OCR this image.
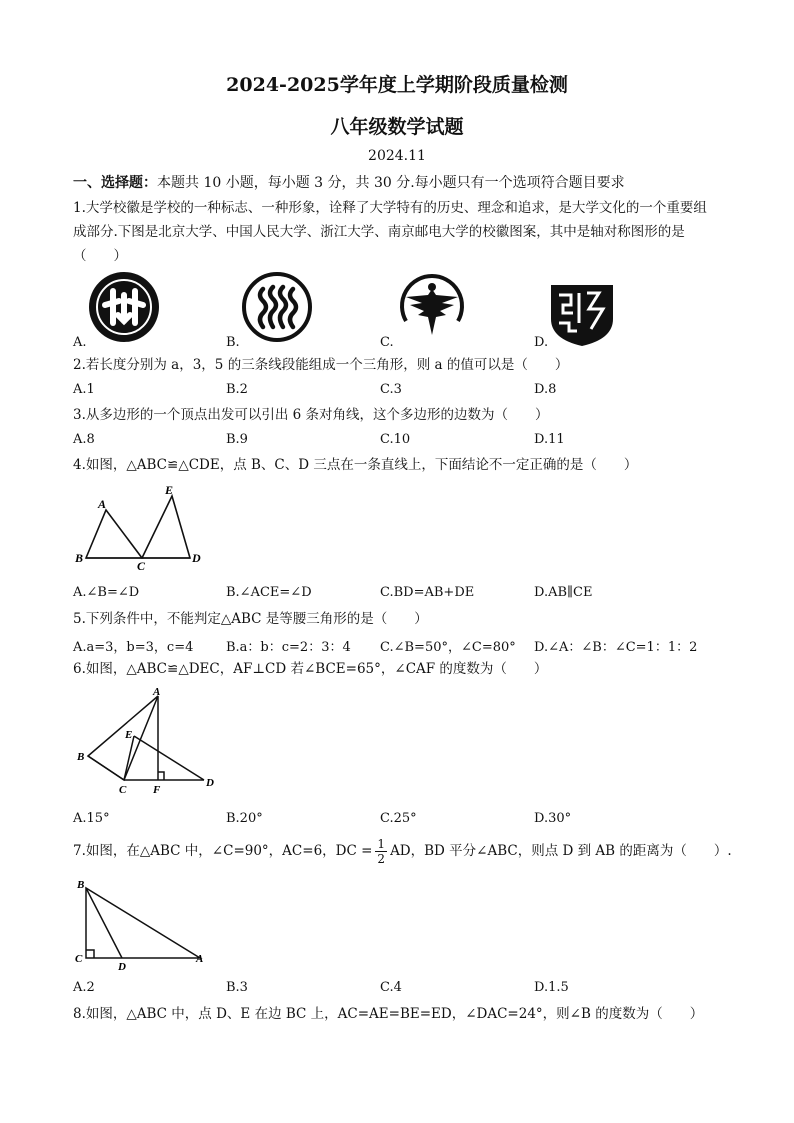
2024-2025学年度上学期阶段质量检测
八年级数学试题
2024.11
一、选择题：本题共 10 小题，每小题 3 分，共 30 分.每小题只有一个选项符合题目要求
1.大学校徽是学校的一种标志、一种形象，诠释了大学特有的历史、理念和追求，是大学文化的一个重要组
成部分.下图是北京大学、中国人民大学、浙江大学、南京邮电大学的校徽图案，其中是轴对称图形的是
（　　）
A.	B.	C.	D.
2.若长度分别为 a，3，5 的三条线段能组成一个三角形，则 a 的值可以是（　　）
A.1	B.2	C.3	D.8
3.从多边形的一个顶点出发可以引出 6 条对角线，这个多边形的边数为（　　）
A.8	B.9	C.10	D.11
4.如图，△ABC≌△CDE，点 B、C、D 三点在一条直线上，下面结论不一定正确的是（　　）
A
B
C
D
E
A.∠B=∠D	B.∠ACE=∠D	C.BD=AB+DE	D.AB∥CE
5.下列条件中，不能判定△ABC 是等腰三角形的是（　　）
A.a=3，b=3，c=4	B.a：b：c=2：3：4 C.∠B=50°，∠C=80° D.∠A：∠B：∠C=1：1：2
6.如图，△ABC≌△DEC，AF⊥CD 若∠BCE=65°，∠CAF 的度数为（　　）
A
B
C
D
E
F
A.15°	B.20°	C.25°	D.30°
7.如图，在△ABC 中，∠C=90°，AC=6，DC = $\frac{1}{2}$ AD，BD 平分∠ABC，则点 D 到 AB 的距离为（　　）.
B
C
D
A
A.2	B.3	C.4	D.1.5
8.如图，△ABC 中，点 D、E 在边 BC 上，AC=AE=BE=ED，∠DAC=24°，则∠B 的度数为（　　）
